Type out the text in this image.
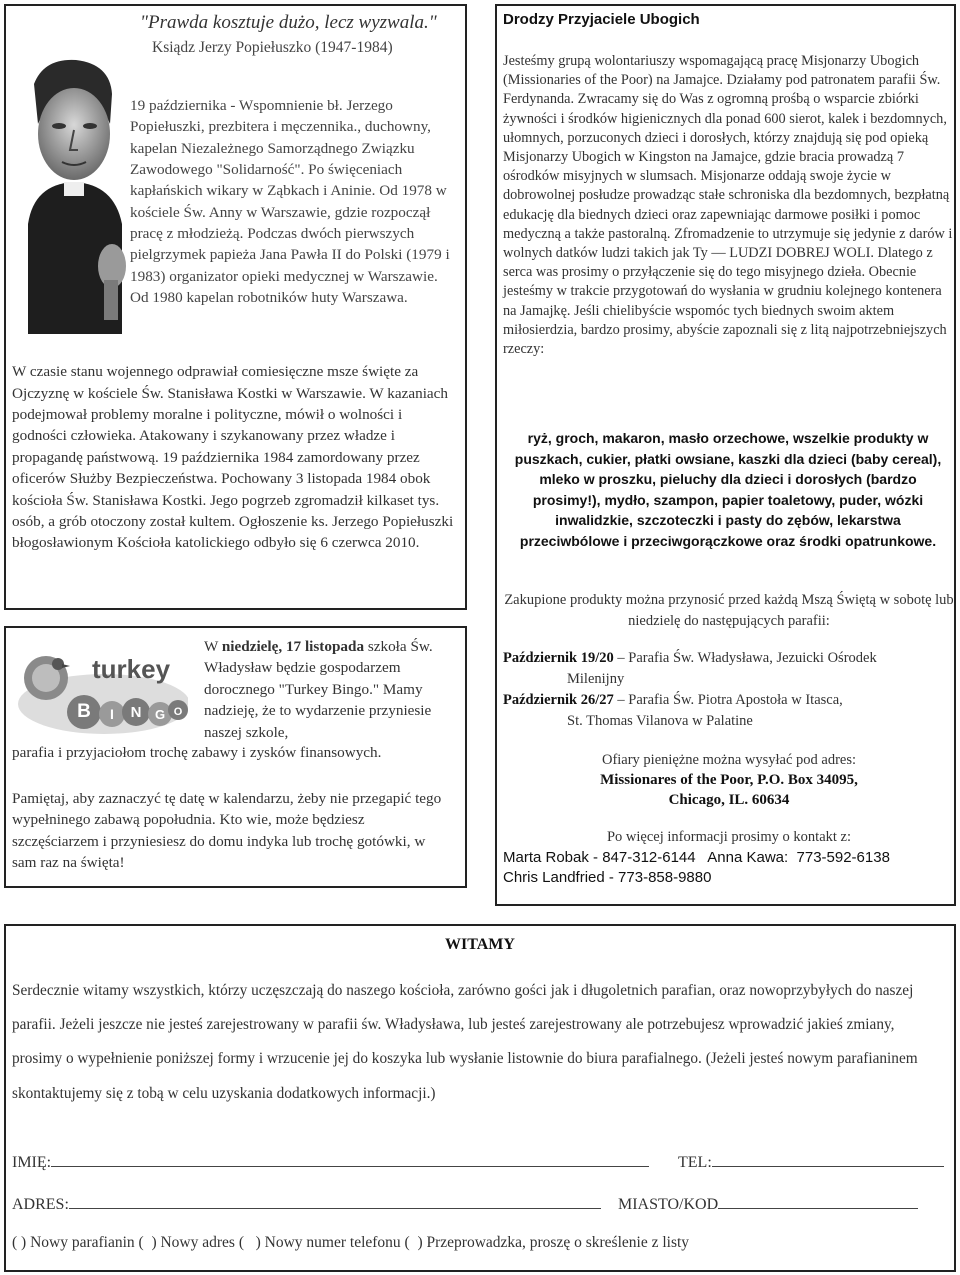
"Prawda kosztuje dużo, lecz wyzwala."
Ksiądz Jerzy Popiełuszko (1947-1984)

19 października - Wspomnienie bł. Jerzego Popiełuszki, prezbitera i męczennika., duchowny, kapelan Niezależnego Samorządnego Związku Zawodowego "Solidarność". Po święceniach kapłańskich wikary w Ząbkach i Aninie. Od 1978 w kościele Św. Anny w Warszawie, gdzie rozpoczął pracę z młodzieżą. Podczas dwóch pierwszych pielgrzymek papieża Jana Pawła II do Polski (1979 i 1983) organizator opieki medycznej w Warszawie. Od 1980 kapelan robotników huty Warszawa.

W czasie stanu wojennego odprawiał comiesięczne msze święte za Ojczyznę w kościele Św. Stanisława Kostki w Warszawie. W kazaniach podejmował problemy moralne i polityczne, mówił o wolności i godności człowieka. Atakowany i szykanowany przez władze i propagandę państwową. 19 października 1984 zamordowany przez oficerów Służby Bezpieczeństwa. Pochowany 3 listopada 1984 obok kościoła Św. Stanisława Kostki. Jego pogrzeb zgromadził kilkaset tys. osób, a grób otoczony został kultem. Ogłoszenie ks. Jerzego Popiełuszki błogosławionym Kościoła katolickiego odbyło się 6 czerwca 2010.

turkey
B I N G O
W niedzielę, 17 listopada szkoła Św. Władysław będzie gospodarzem dorocznego "Turkey Bingo." Mamy nadzieję, że to wydarzenie przyniesie naszej szkole,
parafia i przyjaciołom trochę zabawy i zysków finansowych.
Pamiętaj, aby zaznaczyć tę datę w kalendarzu, żeby nie przegapić tego wypełninego zabawą popołudnia. Kto wie, może będziesz szczęściarzem i przyniesiesz do domu indyka lub trochę gotówki, w sam raz na święta!
Drodzy Przyjaciele Ubogich
Jesteśmy grupą wolontariuszy wspomagającą pracę Misjonarzy Ubogich (Missionaries of the Poor) na Jamajce. Działamy pod patronatem parafii Św. Ferdynanda. Zwracamy się do Was z ogromną prośbą o wsparcie zbiórki żywności i środków higienicznych dla ponad 600 sierot, kalek i bezdomnych, ułomnych, porzuconych dzieci i dorosłych, którzy znajdują się pod opieką Misjonarzy Ubogich w Kingston na Jamajce, gdzie bracia prowadzą 7 ośrodków misyjnych w slumsach. Misjonarze oddają swoje życie w dobrowolnej posłudze prowadząc stałe schroniska dla bezdomnych, bezpłatną edukację dla biednych dzieci oraz zapewniając darmowe posiłki i pomoc medyczną a także pastoralną. Zfromadzenie to utrzymuje się jedynie z darów i wolnych datków ludzi takich jak Ty — LUDZI DOBREJ WOLI. Dlatego z serca was prosimy o przyłączenie się do tego misyjnego dzieła. Obecnie jesteśmy w trakcie przygotowań do wysłania w grudniu kolejnego kontenera na Jamajkę. Jeśli chielibyście wspomóc tych biednych swoim aktem miłosierdzia, bardzo prosimy, abyście zapoznali się z litą najpotrzebniejszych rzeczy:
ryż, groch, makaron, masło orzechowe, wszelkie produkty w puszkach, cukier, płatki owsiane, kaszki dla dzieci (baby cereal), mleko w proszku, pieluchy dla dzieci i dorosłych (bardzo prosimy!), mydło, szampon, papier toaletowy, puder, wózki inwalidzkie, szczoteczki i pasty do zębów, lekarstwa przeciwbólowe i przeciwgorączkowe oraz środki opatrunkowe.
Zakupione produkty można przynosić przed każdą Mszą Świętą w sobotę lub niedzielę do następujących parafii:
Październik 19/20 – Parafia Św. Władysława, Jezuicki Ośrodek
Milenijny
Październik 26/27 – Parafia Św. Piotra Apostoła w Itasca,
St. Thomas Vilanova w Palatine
Ofiary pieniężne można wysyłać pod adres:
Missionares of the Poor, P.O. Box 34095,
Chicago, IL. 60634
Po więcej informacji prosimy o kontakt z:
Marta Robak - 847-312-6144   Anna Kawa:  773-592-6138
Chris Landfried - 773-858-9880
WITAMY
Serdecznie witamy wszystkich, którzy uczęszczają do naszego kościoła, zarówno gości jak i długoletnich parafian, oraz nowoprzybyłych do naszej parafii. Jeżeli jeszcze nie jesteś zarejestrowany w parafii św. Władysława, lub jesteś zarejestrowany ale potrzebujesz wprowadzić jakieś zmiany, prosimy o wypełnienie poniższej formy i wrzucenie jej do koszyka lub wysłanie listownie do biura parafialnego. (Jeżeli jesteś nowym parafianinem skontaktujemy się z tobą w celu uzyskania dodatkowych informacji.)
IMIĘ:	TEL:
ADRES:	MIASTO/KOD
( ) Nowy parafianin (  ) Nowy adres (   ) Nowy numer telefonu (  ) Przeprowadzka, proszę o skreślenie z listy
